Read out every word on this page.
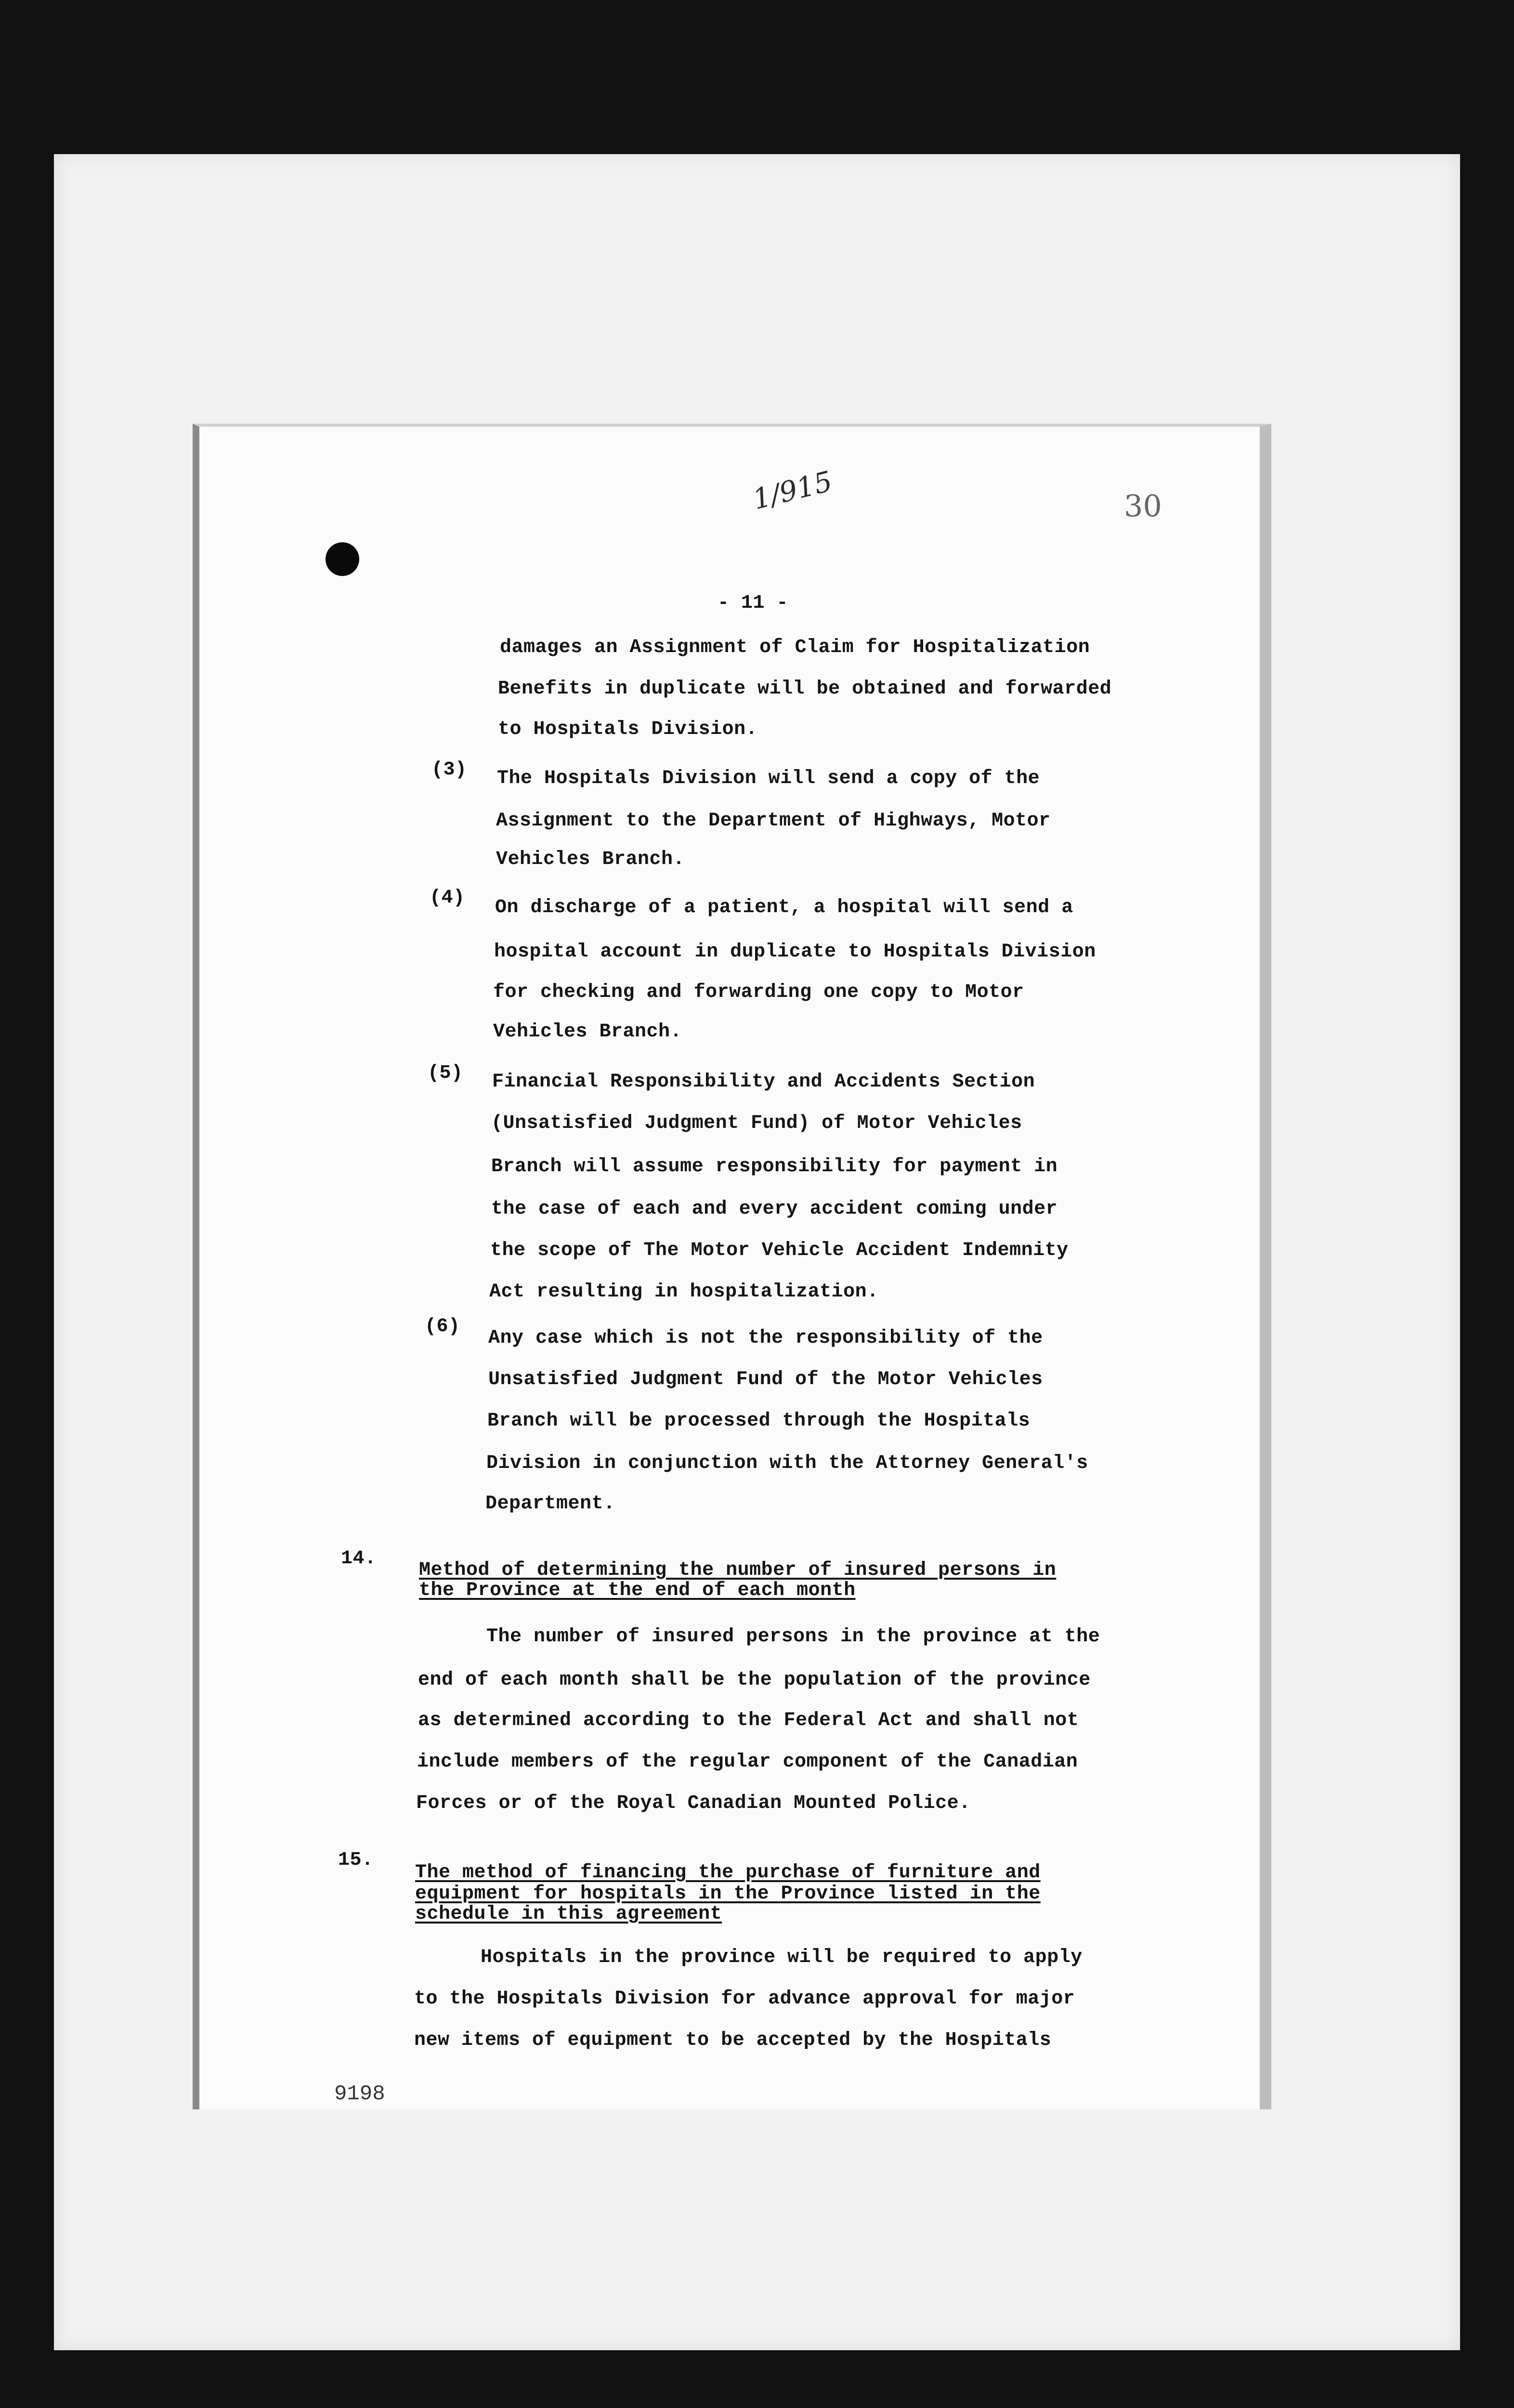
1/915	30
- 11 -
damages an Assignment of Claim for Hospitalization
Benefits in duplicate will be obtained and forwarded
to Hospitals Division.
(3) The Hospitals Division will send a copy of the
Assignment to the Department of Highways, Motor
Vehicles Branch.
(4) On discharge of a patient, a hospital will send a
hospital account in duplicate to Hospitals Division
for checking and forwarding one copy to Motor
Vehicles Branch.
(5) Financial Responsibility and Accidents Section
(Unsatisfied Judgment Fund) of Motor Vehicles
Branch will assume responsibility for payment in
the case of each and every accident coming under
the scope of The Motor Vehicle Accident Indemnity
Act resulting in hospitalization.
(6)
Any case which is not the responsibility of the
Unsatisfied Judgment Fund of the Motor Vehicles
Branch will be processed through the Hospitals
Division in conjunction with the Attorney General's
Department.
14.
Method of determining the number of insured persons in
the Province at the end of each month
The number of insured persons in the province at the
end of each month shall be the population of the province
as determined according to the Federal Act and shall not
include members of the regular component of the Canadian
Forces or of the Royal Canadian Mounted Police.
15.
The method of financing the purchase of furniture and
equipment for hospitals in the Province listed in the
schedule in this agreement
Hospitals in the province will be required to apply
to the Hospitals Division for advance approval for major
new items of equipment to be accepted by the Hospitals
